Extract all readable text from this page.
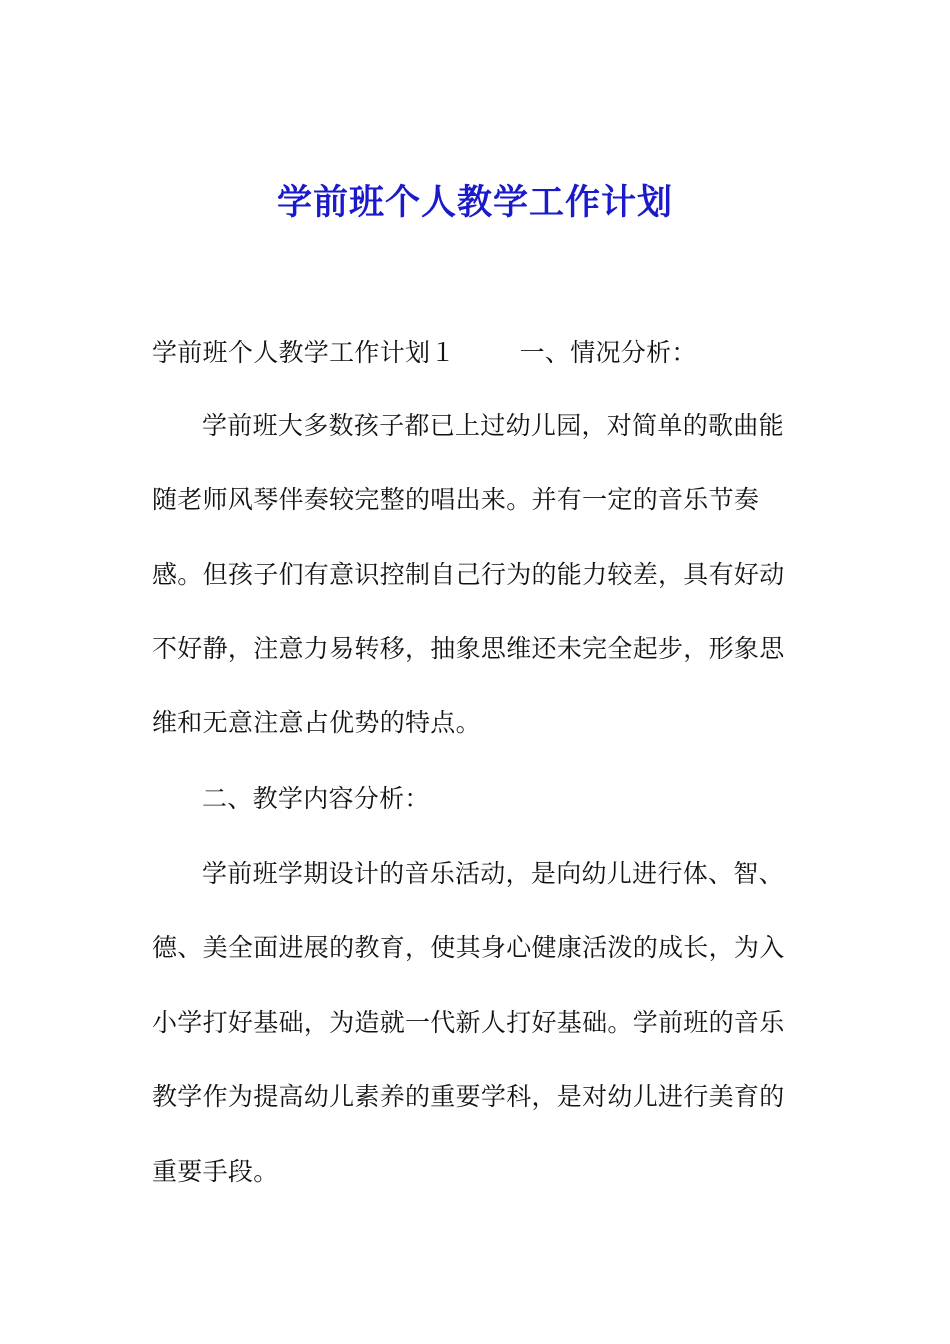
学前班个人教学工作计划

学前班个人教学工作计划１	一、情况分析：

学前班大多数孩子都已上过幼儿园，对简单的歌曲能

随老师风琴伴奏较完整的唱出来。并有一定的音乐节奏

感。但孩子们有意识控制自己行为的能力较差，具有好动

不好静，注意力易转移，抽象思维还未完全起步，形象思

维和无意注意占优势的特点。

二、教学内容分析：

学前班学期设计的音乐活动，是向幼儿进行体、智、

德、美全面进展的教育，使其身心健康活泼的成长，为入

小学打好基础，为造就一代新人打好基础。学前班的音乐

教学作为提高幼儿素养的重要学科，是对幼儿进行美育的

重要手段。
